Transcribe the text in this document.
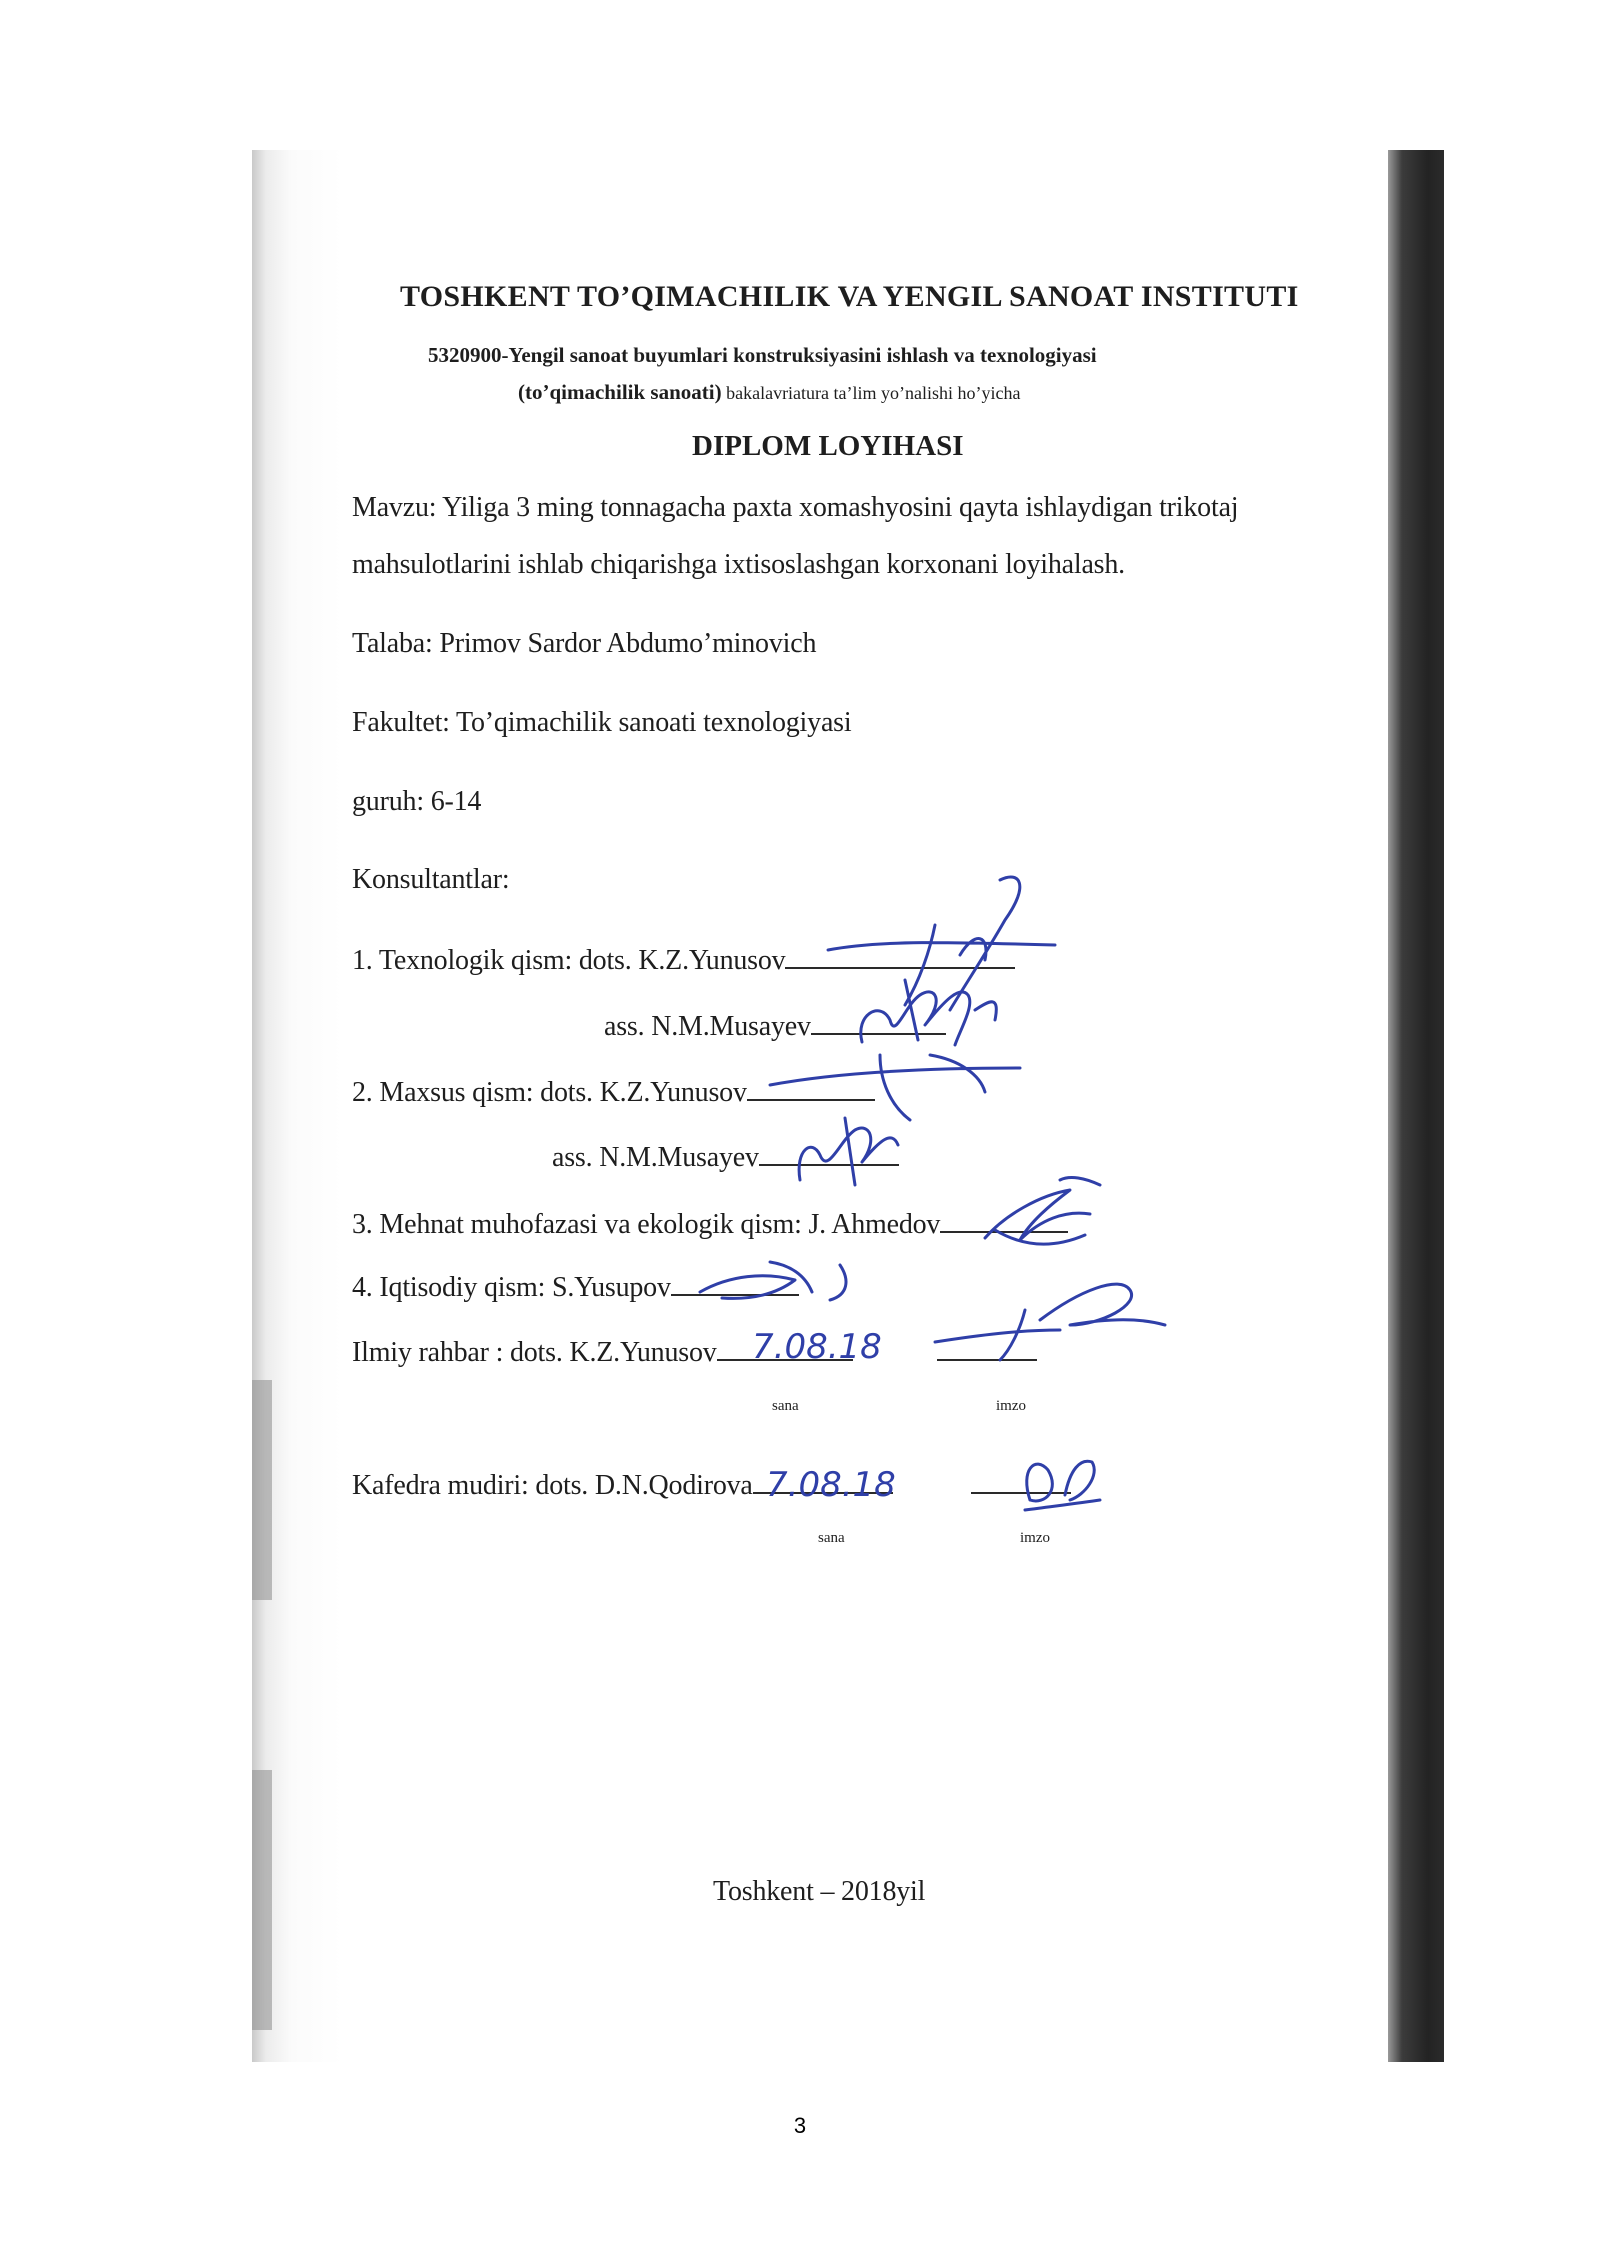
TOSHKENT TO’QIMACHILIK VA YENGIL SANOAT INSTITUTI
5320900-Yengil sanoat buyumlari konstruksiyasini ishlash va texnologiyasi
(to’qimachilik sanoati) bakalavriatura ta’lim yo’nalishi ho’yicha
DIPLOM LOYIHASI
Mavzu: Yiliga 3 ming tonnagacha paxta xomashyosini qayta ishlaydigan trikotaj
mahsulotlarini ishlab chiqarishga ixtisoslashgan korxonani loyihalash.
Talaba: Primov Sardor Abdumo’minovich
Fakultet: To’qimachilik sanoati texnologiyasi
guruh: 6-14
Konsultantlar:
1. Texnologik qism: dots. K.Z.Yunusov
ass. N.M.Musayev
2. Maxsus qism: dots. K.Z.Yunusov
ass. N.M.Musayev
3. Mehnat muhofazasi va ekologik qism: J. Ahmedov
4. Iqtisodiy qism: S.Yusupov
Ilmiy rahbar : dots. K.Z.Yunusov
sana	imzo
Kafedra mudiri: dots. D.N.Qodirova
sana	imzo
Toshkent – 2018yil
7.08.18
7.08.18
3
